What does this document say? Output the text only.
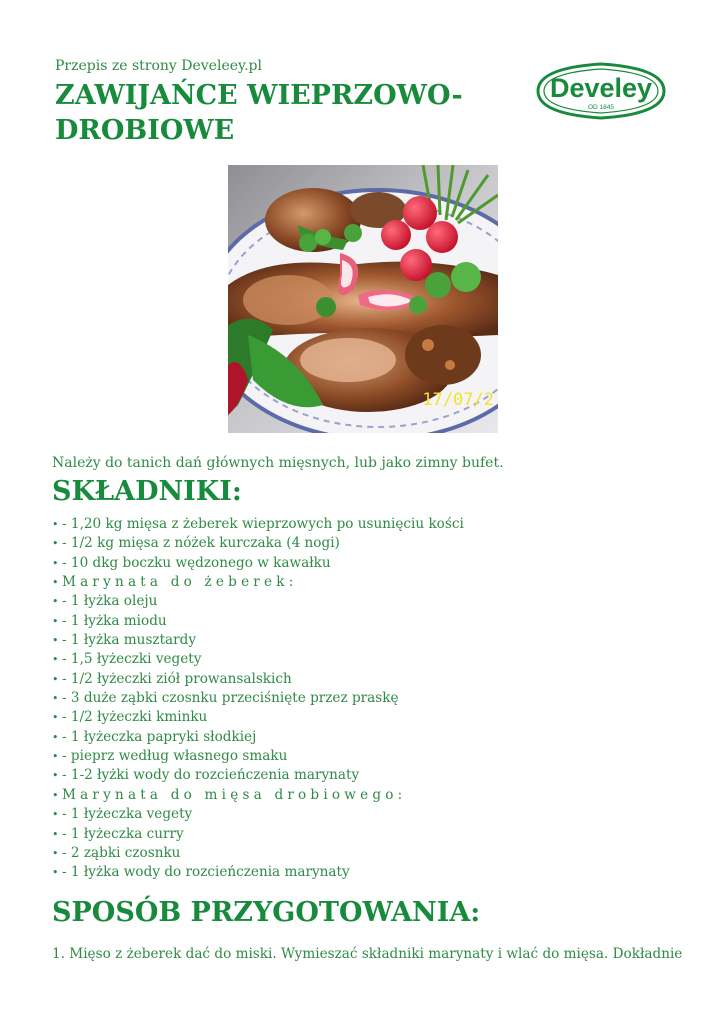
Przepis ze strony Develeey.pl
ZAWIJAŃCE WIEPRZOWO-DROBIOWE
Develey
OD 1845
17/07/2
Należy do tanich dań głównych mięsnych, lub jako zimny bufet.
SKŁADNIKI:
• - 1,20 kg mięsa z żeberek wieprzowych po usunięciu kości
• - 1/2 kg mięsa z nóżek kurczaka (4 nogi)
• - 10 dkg boczku wędzonego w kawałku
• Marynata do żeberek:
• - 1 łyżka oleju
• - 1 łyżka miodu
• - 1 łyżka musztardy
• - 1,5 łyżeczki vegety
• - 1/2 łyżeczki ziół prowansalskich
• - 3 duże ząbki czosnku przeciśnięte przez praskę
• - 1/2 łyżeczki kminku
• - 1 łyżeczka papryki słodkiej
• - pieprz według własnego smaku
• - 1-2 łyżki wody do rozcieńczenia marynaty
• Marynata do mięsa drobiowego:
• - 1 łyżeczka vegety
• - 1 łyżeczka curry
• - 2 ząbki czosnku
• - 1 łyżka wody do rozcieńczenia marynaty
SPOSÓB PRZYGOTOWANIA:

1. Mięso z żeberek dać do miski. Wymieszać składniki marynaty i wlać do mięsa. Dokładnie
